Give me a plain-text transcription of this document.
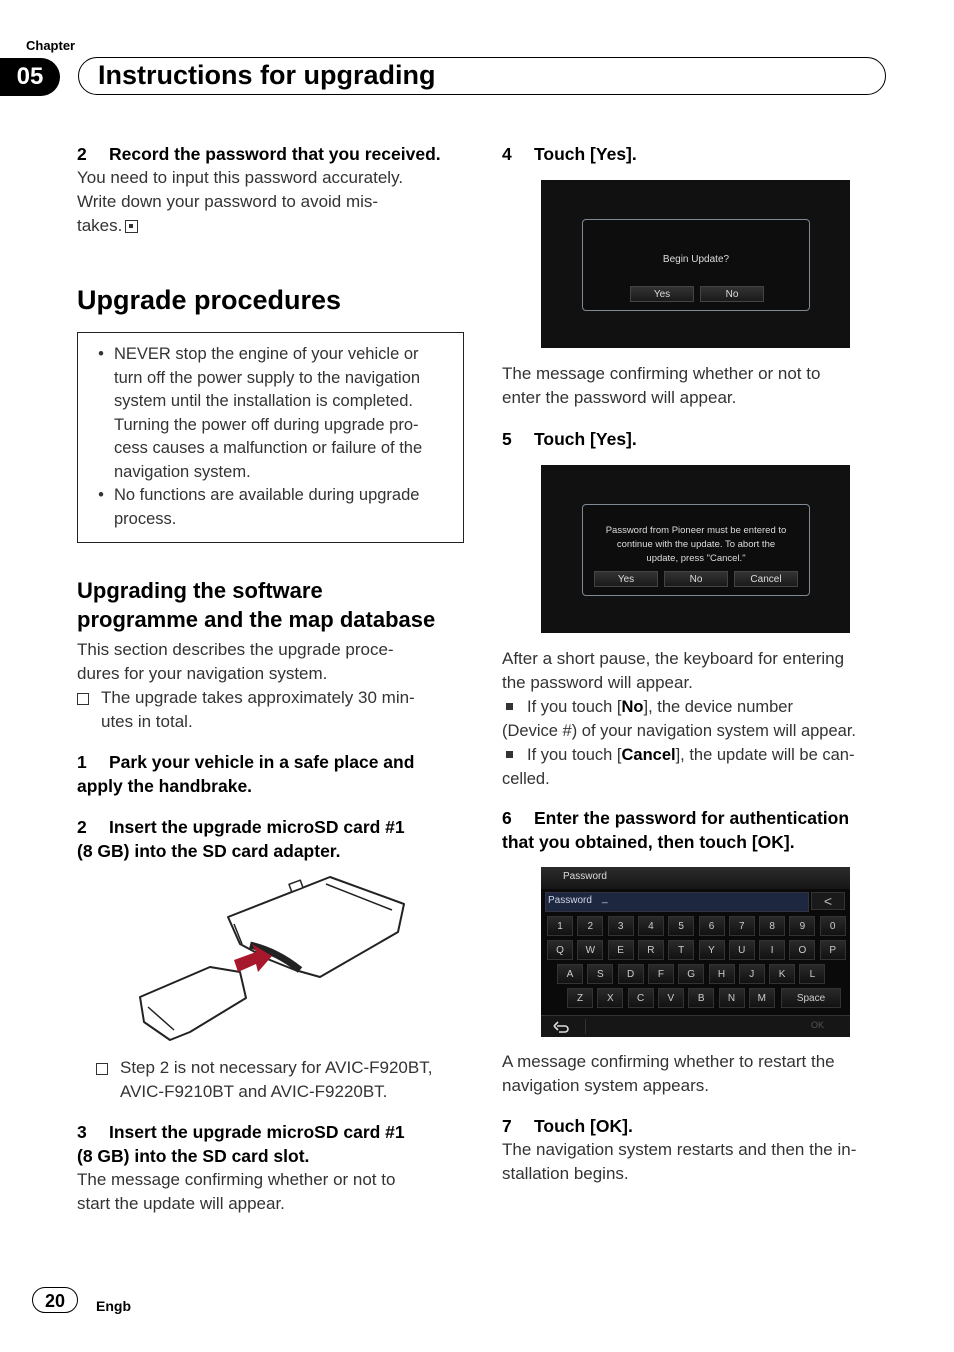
Chapter
05	Instructions for upgrading
2 Record the password that you received.
You need to input this password accurately.
Write down your password to avoid mis-
takes.
Upgrade procedures
• NEVER stop the engine of your vehicle or
turn off the power supply to the navigation
system until the installation is completed.
Turning the power off during upgrade pro-
cess causes a malfunction or failure of the
navigation system.
• No functions are available during upgrade
process.
Upgrading the software
programme and the map database
This section describes the upgrade proce-
dures for your navigation system.
The upgrade takes approximately 30 min-
utes in total.
1 Park your vehicle in a safe place and
apply the handbrake.
2 Insert the upgrade microSD card #1
(8 GB) into the SD card adapter.
Step 2 is not necessary for AVIC-F920BT,
AVIC-F9210BT and AVIC-F9220BT.
3 Insert the upgrade microSD card #1
(8 GB) into the SD card slot.
The message confirming whether or not to
start the update will appear.
4 Touch [Yes].
Begin Update?
Yes	No
The message confirming whether or not to
enter the password will appear.
5 Touch [Yes].
Password from Pioneer must be entered to
continue with the update. To abort the
update, press "Cancel."
Yes	No	Cancel
After a short pause, the keyboard for entering
the password will appear.
If you touch [No], the device number
(Device #) of your navigation system will appear.
If you touch [Cancel], the update will be can-
celled.
6 Enter the password for authentication
that you obtained, then touch [OK].
Password
Password _	<
1	2	3	4	5	6	7	8	9	0
Q	W	E	R	T	Y	U	I	O	P
A	S	D	F	G	H	J	K	L
Z	X	C	V	B	N	M	Space
OK
A message confirming whether to restart the
navigation system appears.
7 Touch [OK].
The navigation system restarts and then the in-
stallation begins.
20	Engb
